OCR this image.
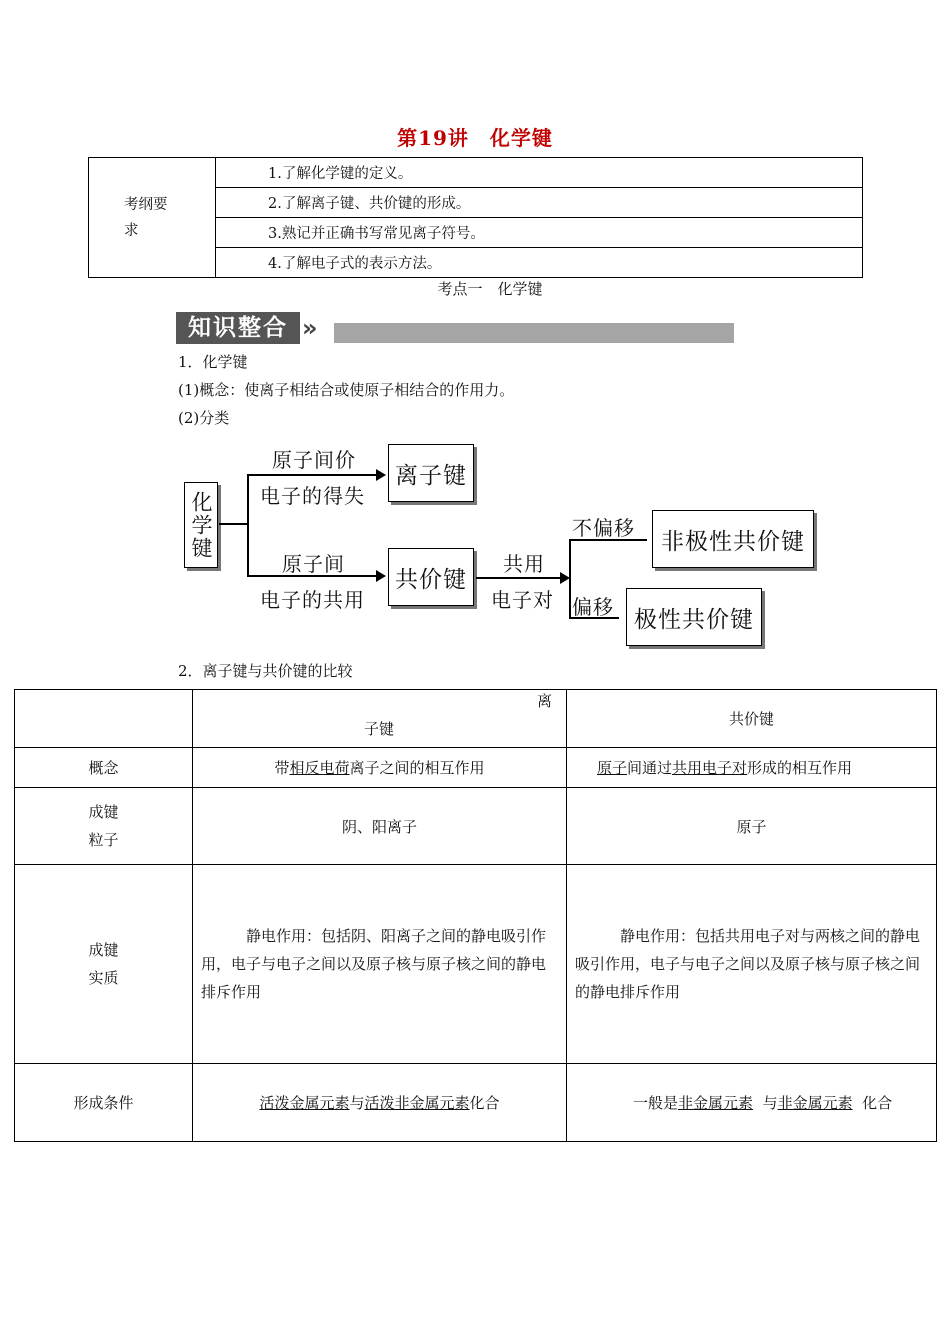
第19讲　化学键
考纲要求
	1.了解化学键的定义。
2.了解离子键、共价键的形成。
3.熟记并正确书写常见离子符号。
4.了解电子式的表示方法。
考点一　化学键
知识整合 »
1．化学键
(1)概念：使离子相结合或使原子相结合的作用力。
(2)分类
化学键
原子间价
电子的得失
离子键
原子间
电子的共用
共价键
共用
电子对
不偏移
非极性共价键
偏移 极性共价键
2．离子键与共价键的比较

	离
子键	共价键
概念	带相反电荷离子之间的相互作用	原子间通过共用电子对形成的相互作用

成键
粒子	阴、阳离子	原子

成键
实质	静电作用：包括阴、阳离子之间的静电吸引作用，电子与电子之间以及原子核与原子核之间的静电排斥作用	静电作用：包括共用电子对与两核之间的静电吸引作用，电子与电子之间以及原子核与原子核之间的静电排斥作用
形成条件	活泼金属元素与活泼非金属元素化合	一般是非金属元素 与非金属元素 化合
